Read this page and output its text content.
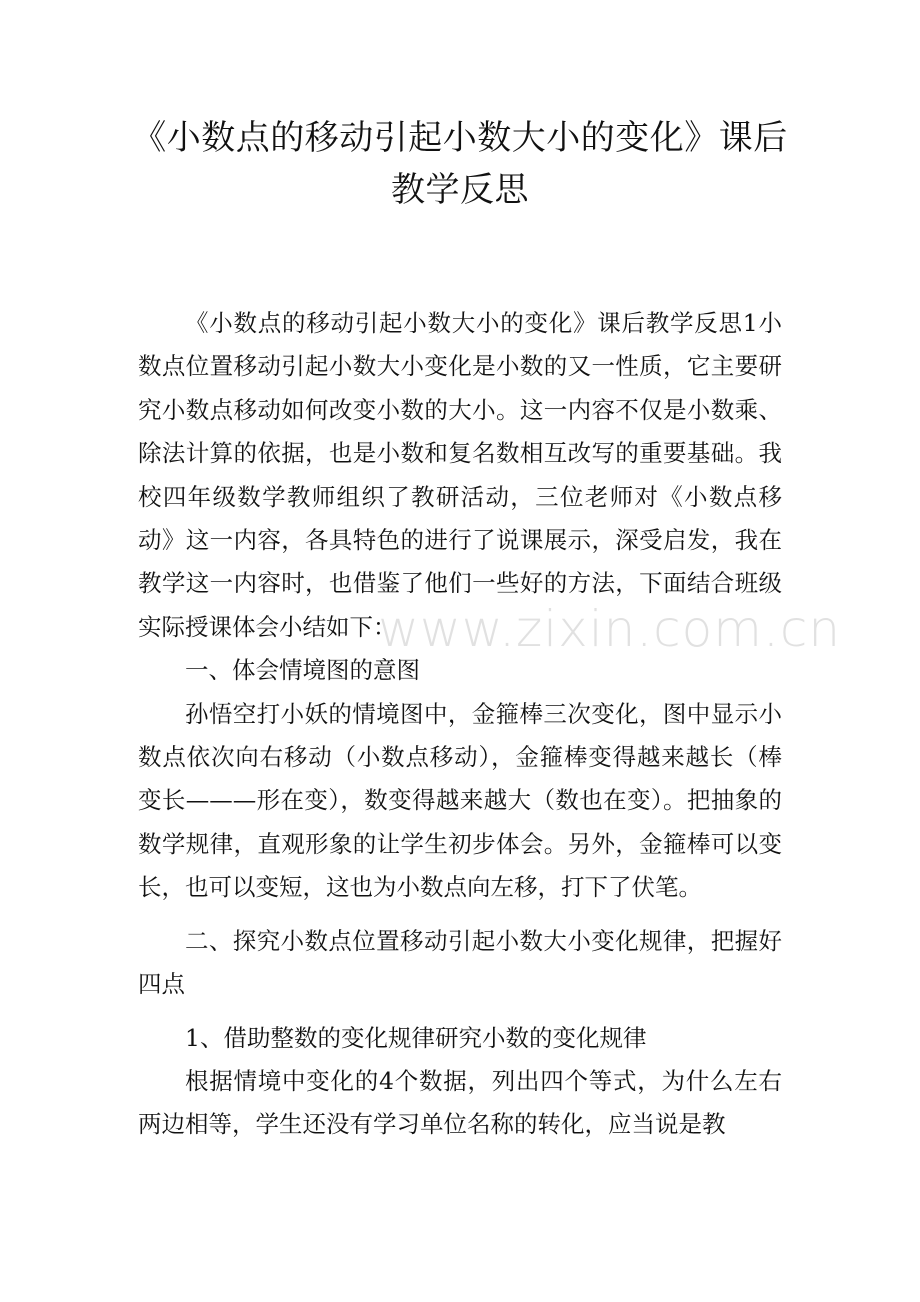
《小数点的移动引起小数大小的变化》课后教学反思

《小数点的移动引起小数大小的变化》课后教学反思1小数点位置移动引起小数大小变化是小数的又一性质，它主要研究小数点移动如何改变小数的大小。这一内容不仅是小数乘、除法计算的依据，也是小数和复名数相互改写的重要基础。我校四年级数学教师组织了教研活动，三位老师对《小数点移动》这一内容，各具特色的进行了说课展示，深受启发，我在教学这一内容时，也借鉴了他们一些好的方法，下面结合班级实际授课体会小结如下：

一、体会情境图的意图

孙悟空打小妖的情境图中，金箍棒三次变化，图中显示小数点依次向右移动（小数点移动），金箍棒变得越来越长（棒变长———形在变），数变得越来越大（数也在变）。把抽象的数学规律，直观形象的让学生初步体会。另外，金箍棒可以变长，也可以变短，这也为小数点向左移，打下了伏笔。

二、探究小数点位置移动引起小数大小变化规律，把握好四点

1、借助整数的变化规律研究小数的变化规律

根据情境中变化的4个数据，列出四个等式，为什么左右两边相等，学生还没有学习单位名称的转化，应当说是教

www.zixin.com.cn
